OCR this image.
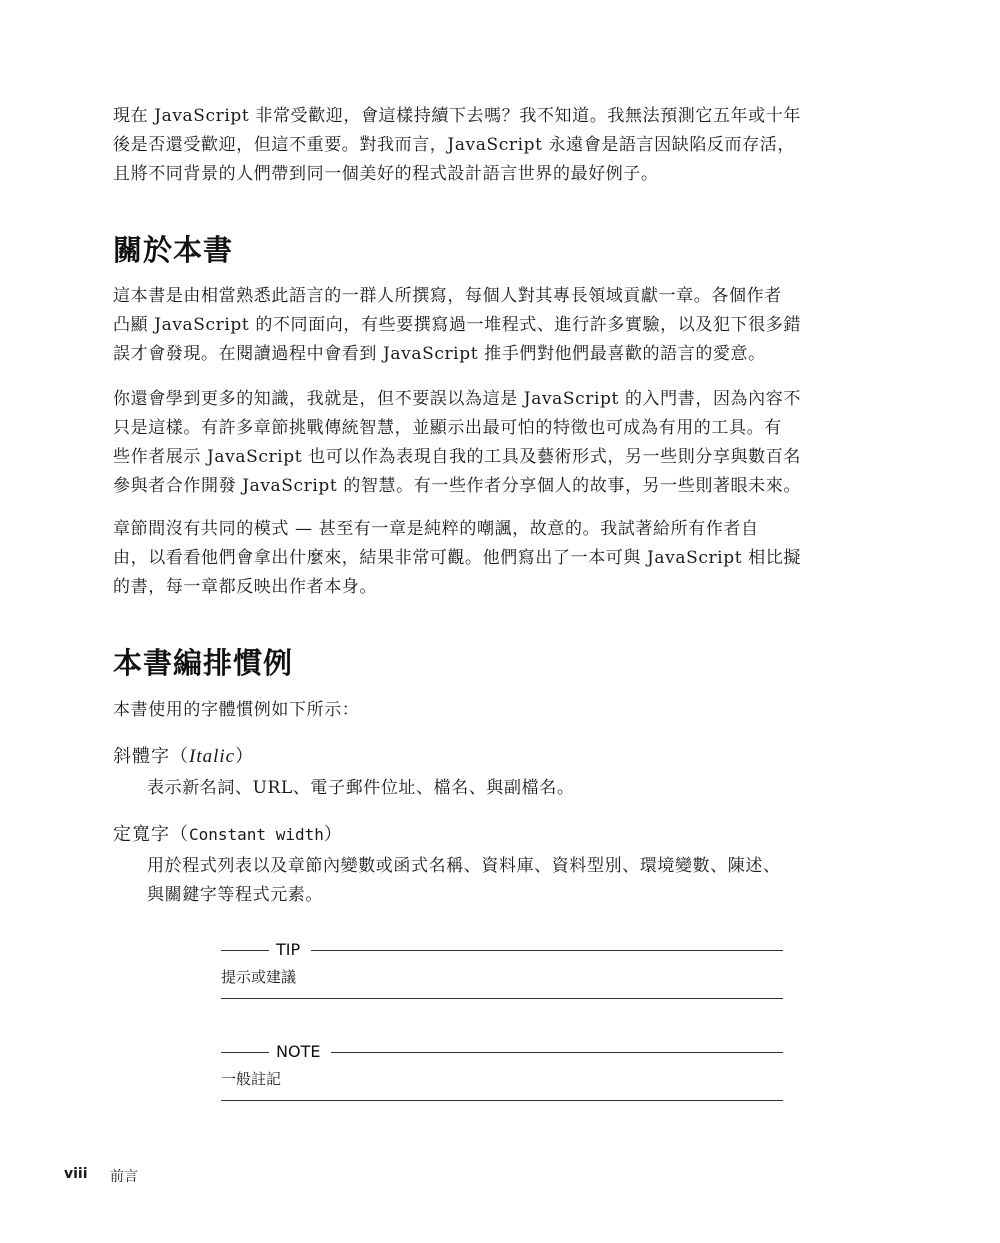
現在 JavaScript 非常受歡迎，會這樣持續下去嗎？我不知道。我無法預測它五年或十年
後是否還受歡迎，但這不重要。對我而言，JavaScript 永遠會是語言因缺陷反而存活，
且將不同背景的人們帶到同一個美好的程式設計語言世界的最好例子。

關於本書

這本書是由相當熟悉此語言的一群人所撰寫，每個人對其專長領域貢獻一章。各個作者
凸顯 JavaScript 的不同面向，有些要撰寫過一堆程式、進行許多實驗，以及犯下很多錯
誤才會發現。在閱讀過程中會看到 JavaScript 推手們對他們最喜歡的語言的愛意。

你還會學到更多的知識，我就是，但不要誤以為這是 JavaScript 的入門書，因為內容不
只是這樣。有許多章節挑戰傳統智慧，並顯示出最可怕的特徵也可成為有用的工具。有
些作者展示 JavaScript 也可以作為表現自我的工具及藝術形式，另一些則分享與數百名
參與者合作開發 JavaScript 的智慧。有一些作者分享個人的故事，另一些則著眼未來。

章節間沒有共同的模式 — 甚至有一章是純粹的嘲諷，故意的。我試著給所有作者自
由，以看看他們會拿出什麼來，結果非常可觀。他們寫出了一本可與 JavaScript 相比擬
的書，每一章都反映出作者本身。

本書編排慣例

本書使用的字體慣例如下所示：

斜體字（Italic）

表示新名詞、URL、電子郵件位址、檔名、與副檔名。

定寬字（Constant width）

用於程式列表以及章節內變數或函式名稱、資料庫、資料型別、環境變數、陳述、
與關鍵字等程式元素。

TIP
提示或建議
NOTE
一般註記
viii 前言
